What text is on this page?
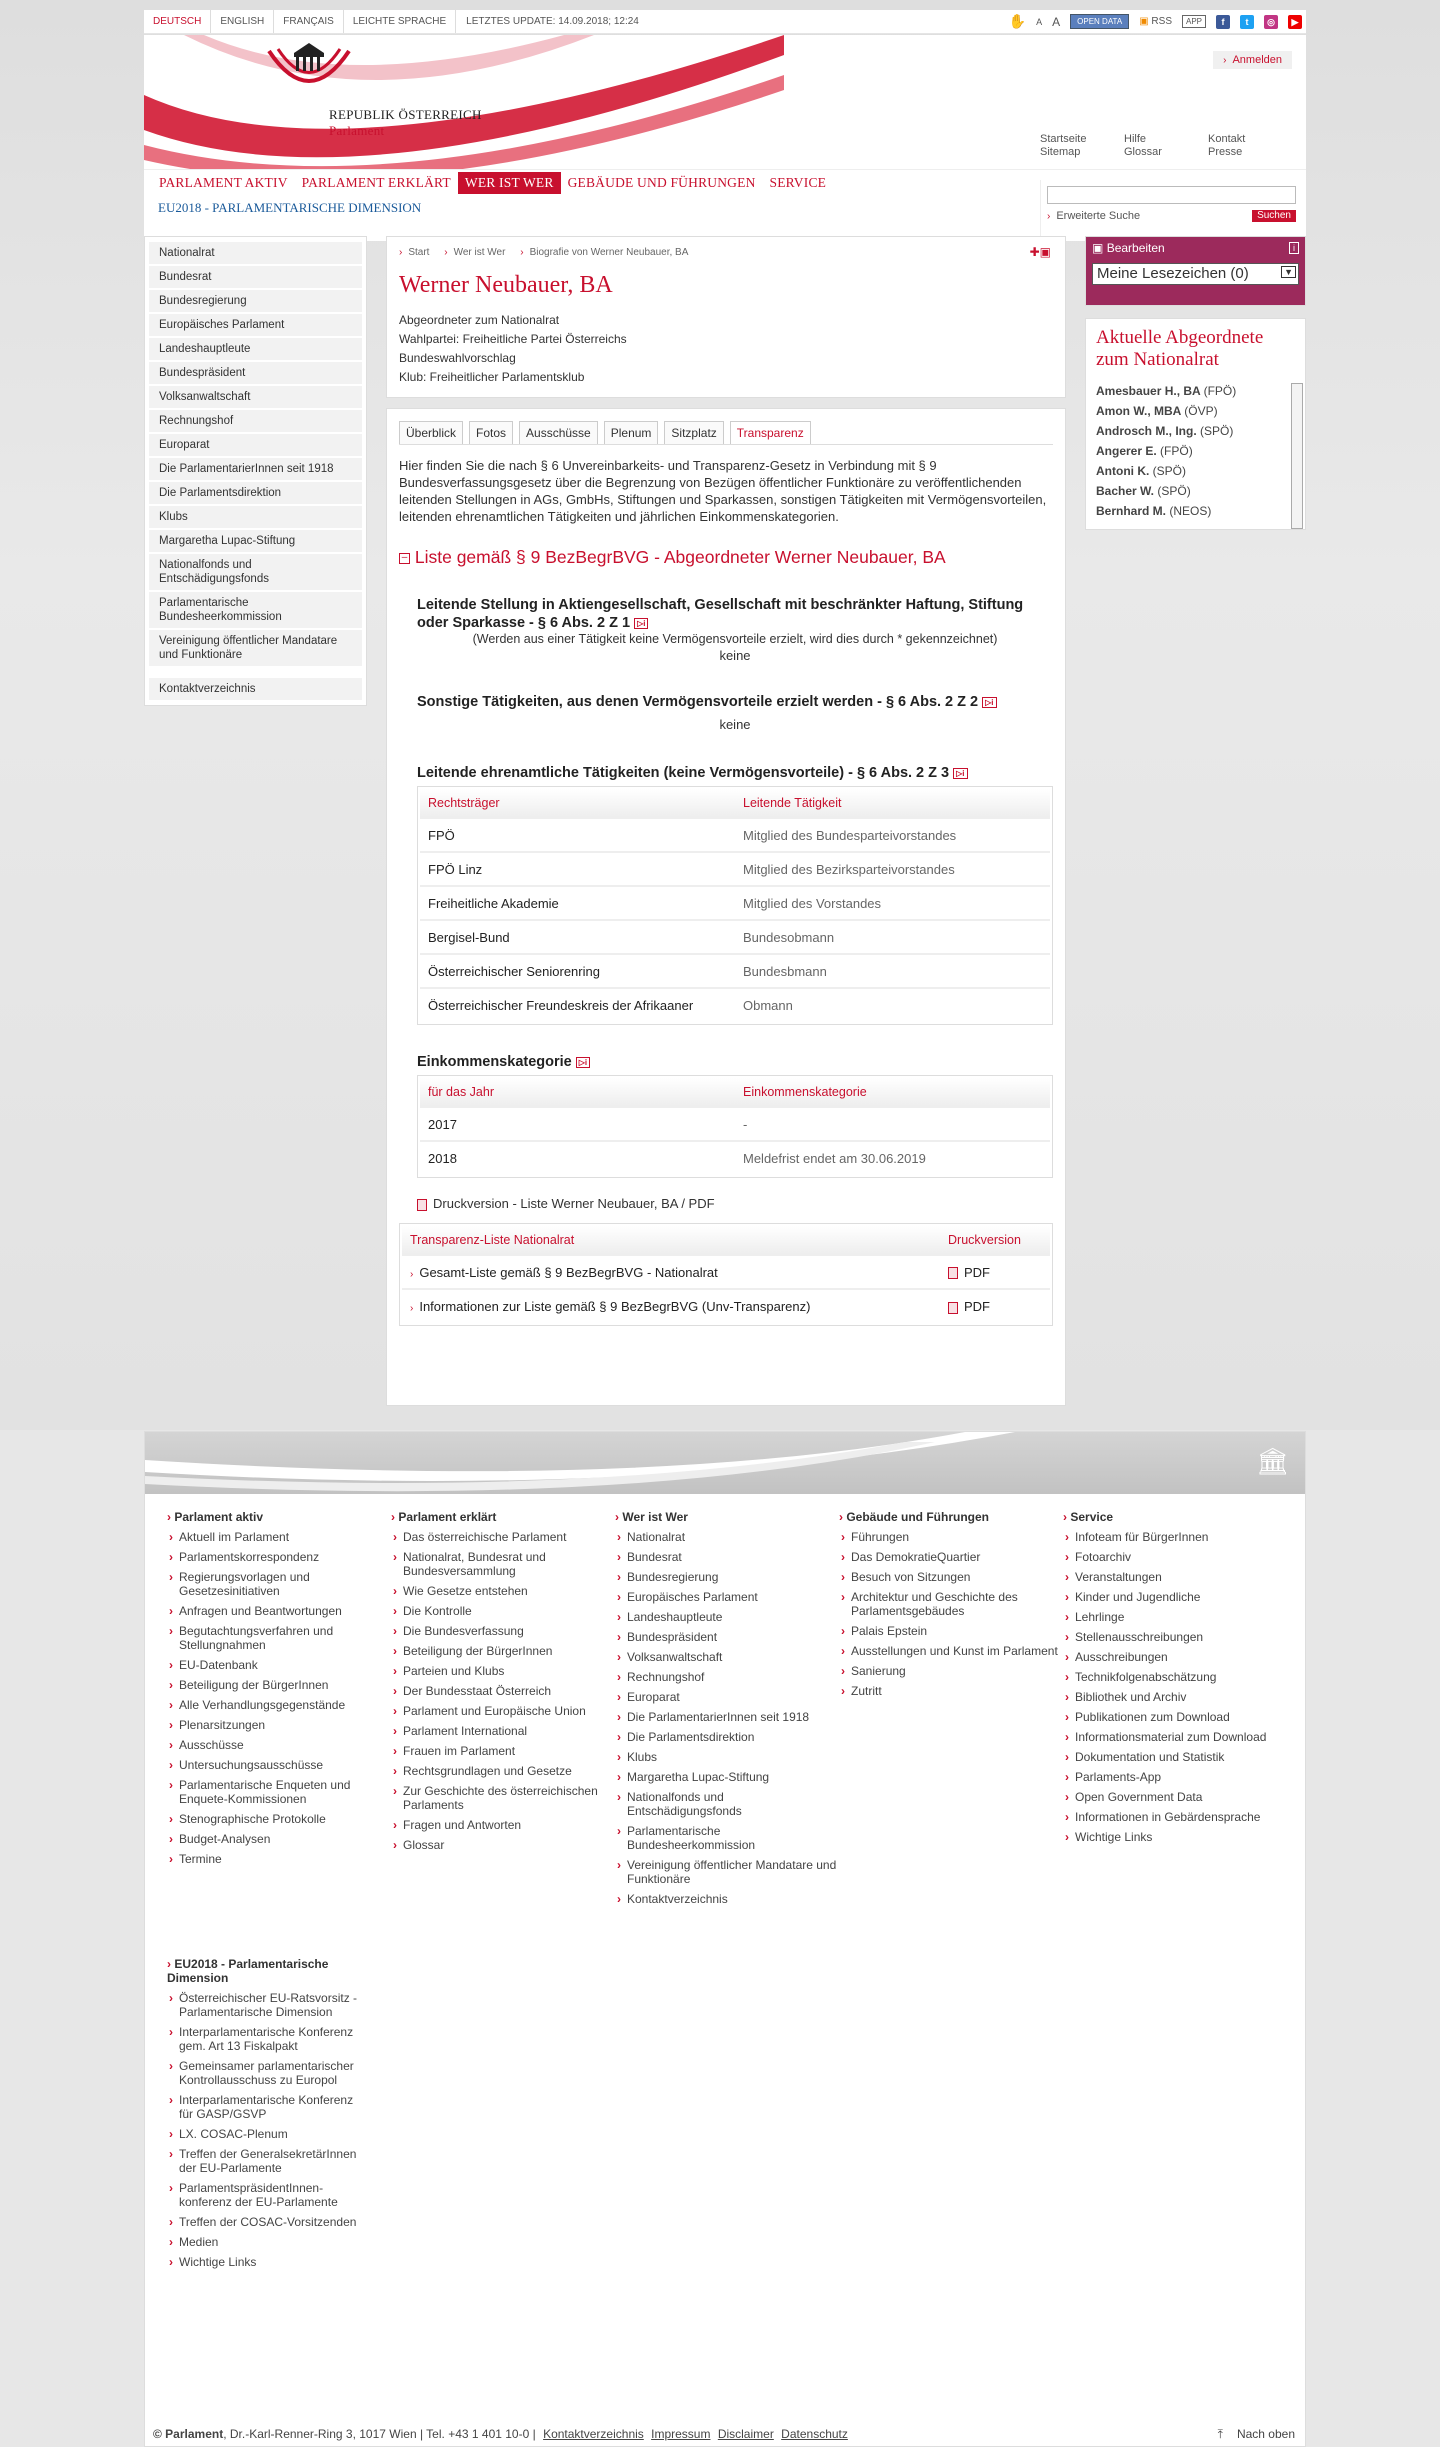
DEUTSCH	ENGLISH	FRANÇAIS	LEICHTE SPRACHE	LETZTES UPDATE: 14.09.2018; 12:24	✋ A A	OPEN DATA	▣ RSS	APP	f	t	◎	▶
REPUBLIK ÖSTERREICH
Parlament
› Anmelden
Startseite	Hilfe	Kontakt
Sitemap	Glossar	Presse
PARLAMENT AKTIV	PARLAMENT ERKLÄRT	WER IST WER	GEBÄUDE UND FÜHRUNGEN	SERVICE
EU2018 - PARLAMENTARISCHE DIMENSION
› Erweiterte Suche	Suchen
Nationalrat
Bundesrat
Bundesregierung
Europäisches Parlament
Landeshauptleute
Bundespräsident
Volksanwaltschaft
Rechnungshof
Europarat
Die ParlamentarierInnen seit 1918
Die Parlamentsdirektion
Klubs
Margaretha Lupac-Stiftung
Nationalfonds und Entschädigungsfonds
Parlamentarische Bundesheerkommission
Vereinigung öffentlicher Mandatare und Funktionäre
Kontaktverzeichnis
› Start › Wer ist Wer › Biografie von Werner Neubauer, BA	✚▣
Werner Neubauer, BA
Abgeordneter zum Nationalrat
Wahlpartei: Freiheitliche Partei Österreichs
Bundeswahlvorschlag
Klub: Freiheitlicher Parlamentsklub
Überblick	Fotos	Ausschüsse	Plenum	Sitzplatz	Transparenz

Hier finden Sie die nach § 6 Unvereinbarkeits- und Transparenz-Gesetz in Verbindung mit § 9 Bundesverfassungsgesetz über die Begrenzung von Bezügen öffentlicher Funktionäre zu veröffentlichenden leitenden Stellungen in AGs, GmbHs, Stiftungen und Sparkassen, sonstigen Tätigkeiten mit Vermögensvorteilen, leitenden ehrenamtlichen Tätigkeiten und jährlichen Einkommenskategorien.

– Liste gemäß § 9 BezBegrBVG - Abgeordneter Werner Neubauer, BA
Leitende Stellung in Aktiengesellschaft, Gesellschaft mit beschränkter Haftung, Stiftung oder Sparkasse - § 6 Abs. 2 Z 1 ▷i
(Werden aus einer Tätigkeit keine Vermögensvorteile erzielt, wird dies durch * gekennzeichnet)
keine
Sonstige Tätigkeiten, aus denen Vermögensvorteile erzielt werden - § 6 Abs. 2 Z 2 ▷i
keine
Leitende ehrenamtliche Tätigkeiten (keine Vermögensvorteile) - § 6 Abs. 2 Z 3 ▷i
Rechtsträger	Leitende Tätigkeit
FPÖ	Mitglied des Bundesparteivorstandes
FPÖ Linz	Mitglied des Bezirksparteivorstandes
Freiheitliche Akademie	Mitglied des Vorstandes
Bergisel-Bund	Bundesobmann
Österreichischer Seniorenring	Bundesbmann
Österreichischer Freundeskreis der Afrikaaner	Obmann
Einkommenskategorie ▷i
für das Jahr	Einkommenskategorie
2017	-
2018	Meldefrist endet am 30.06.2019
Druckversion - Liste Werner Neubauer, BA / PDF
Transparenz-Liste Nationalrat	Druckversion
› Gesamt-Liste gemäß § 9 BezBegrBVG - Nationalrat	PDF
› Informationen zur Liste gemäß § 9 BezBegrBVG (Unv-Transparenz)	PDF
▣ Bearbeiten	i
Meine Lesezeichen (0)	▼
Aktuelle Abgeordnete zum Nationalrat
Amesbauer H., BA (FPÖ)
Amon W., MBA (ÖVP)
Androsch M., Ing. (SPÖ)
Angerer E. (FPÖ)
Antoni K. (SPÖ)
Bacher W. (SPÖ)
Bernhard M. (NEOS)
🏛
› Parlament aktiv
› Aktuell im Parlament
› Parlamentskorrespondenz
› Regierungsvorlagen und Gesetzesinitiativen
› Anfragen und Beantwortungen
› Begutachtungsverfahren und Stellungnahmen
› EU-Datenbank
› Beteiligung der BürgerInnen
› Alle Verhandlungsgegenstände
› Plenarsitzungen
› Ausschüsse
› Untersuchungsausschüsse
› Parlamentarische Enqueten und Enquete-Kommissionen
› Stenographische Protokolle
› Budget-Analysen
› Termine
› Parlament erklärt
› Das österreichische Parlament
› Nationalrat, Bundesrat und Bundesversammlung
› Wie Gesetze entstehen
› Die Kontrolle
› Die Bundesverfassung
› Beteiligung der BürgerInnen
› Parteien und Klubs
› Der Bundesstaat Österreich
› Parlament und Europäische Union
› Parlament International
› Frauen im Parlament
› Rechtsgrundlagen und Gesetze
› Zur Geschichte des österreichischen Parlaments
› Fragen und Antworten
› Glossar
› Wer ist Wer
› Nationalrat
› Bundesrat
› Bundesregierung
› Europäisches Parlament
› Landeshauptleute
› Bundespräsident
› Volksanwaltschaft
› Rechnungshof
› Europarat
› Die ParlamentarierInnen seit 1918
› Die Parlamentsdirektion
› Klubs
› Margaretha Lupac-Stiftung
› Nationalfonds und Entschädigungsfonds
› Parlamentarische Bundesheerkommission
› Vereinigung öffentlicher Mandatare und Funktionäre
› Kontaktverzeichnis
› Gebäude und Führungen
› Führungen
› Das DemokratieQuartier
› Besuch von Sitzungen
› Architektur und Geschichte des Parlamentsgebäudes
› Palais Epstein
› Ausstellungen und Kunst im Parlament
› Sanierung
› Zutritt
› Service
› Infoteam für BürgerInnen
› Fotoarchiv
› Veranstaltungen
› Kinder und Jugendliche
› Lehrlinge
› Stellenausschreibungen
› Ausschreibungen
› Technikfolgenabschätzung
› Bibliothek und Archiv
› Publikationen zum Download
› Informationsmaterial zum Download
› Dokumentation und Statistik
› Parlaments-App
› Open Government Data
› Informationen in Gebärdensprache
› Wichtige Links
› EU2018 - Parlamentarische Dimension
› Österreichischer EU-Ratsvorsitz - Parlamentarische Dimension
› Interparlamentarische Konferenz gem. Art 13 Fiskalpakt
› Gemeinsamer parlamentarischer Kontrollausschuss zu Europol
› Interparlamentarische Konferenz für GASP/GSVP
› LX. COSAC-Plenum
› Treffen der GeneralsekretärInnen der EU-Parlamente
› ParlamentspräsidentInnen-konferenz der EU-Parlamente
› Treffen der COSAC-Vorsitzenden
› Medien
› Wichtige Links
© Parlament, Dr.-Karl-Renner-Ring 3, 1017 Wien | Tel. +43 1 401 10-0 | Kontaktverzeichnis Impressum Disclaimer Datenschutz	⤒ Nach oben
